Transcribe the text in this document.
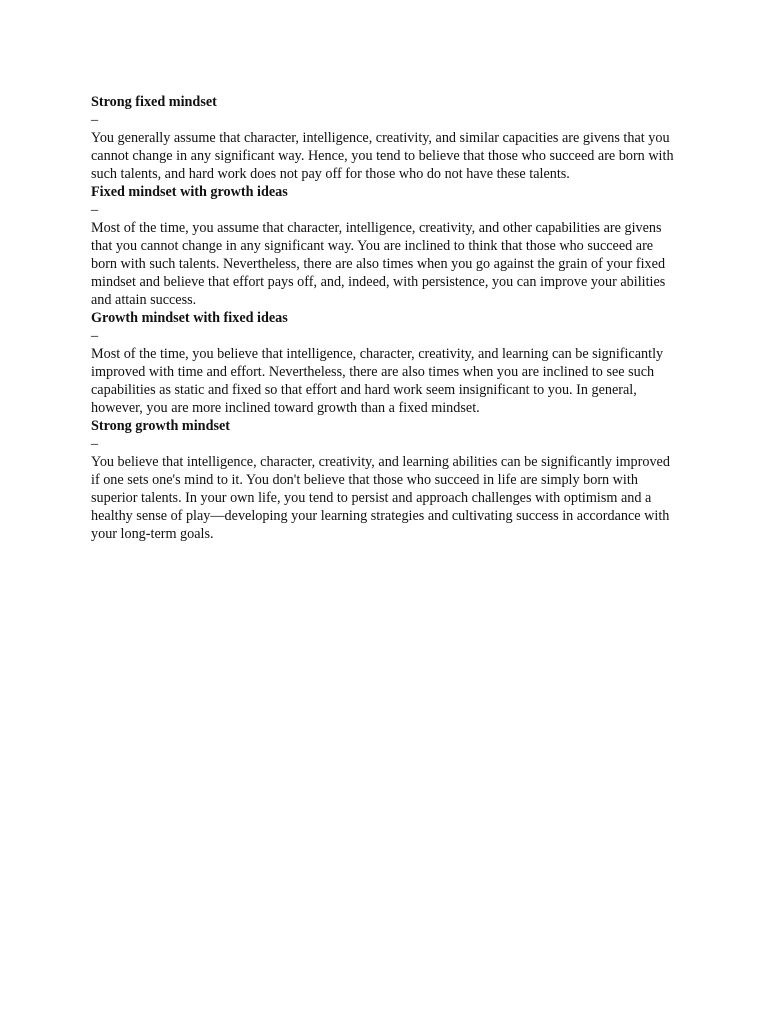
Strong fixed mindset

–

You generally assume that character, intelligence, creativity, and similar capacities are givens that you cannot change in any significant way. Hence, you tend to believe that those who succeed are born with such talents, and hard work does not pay off for those who do not have these talents.

Fixed mindset with growth ideas

–

Most of the time, you assume that character, intelligence, creativity, and other capabilities are givens that you cannot change in any significant way. You are inclined to think that those who succeed are born with such talents. Nevertheless, there are also times when you go against the grain of your fixed mindset and believe that effort pays off, and, indeed, with persistence, you can improve your abilities and attain success.

Growth mindset with fixed ideas

–

Most of the time, you believe that intelligence, character, creativity, and learning can be significantly improved with time and effort. Nevertheless, there are also times when you are inclined to see such capabilities as static and fixed so that effort and hard work seem insignificant to you. In general, however, you are more inclined toward growth than a fixed mindset.

Strong growth mindset

–

You believe that intelligence, character, creativity, and learning abilities can be significantly improved if one sets one's mind to it. You don't believe that those who succeed in life are simply born with superior talents. In your own life, you tend to persist and approach challenges with optimism and a healthy sense of play—developing your learning strategies and cultivating success in accordance with your long-term goals.
